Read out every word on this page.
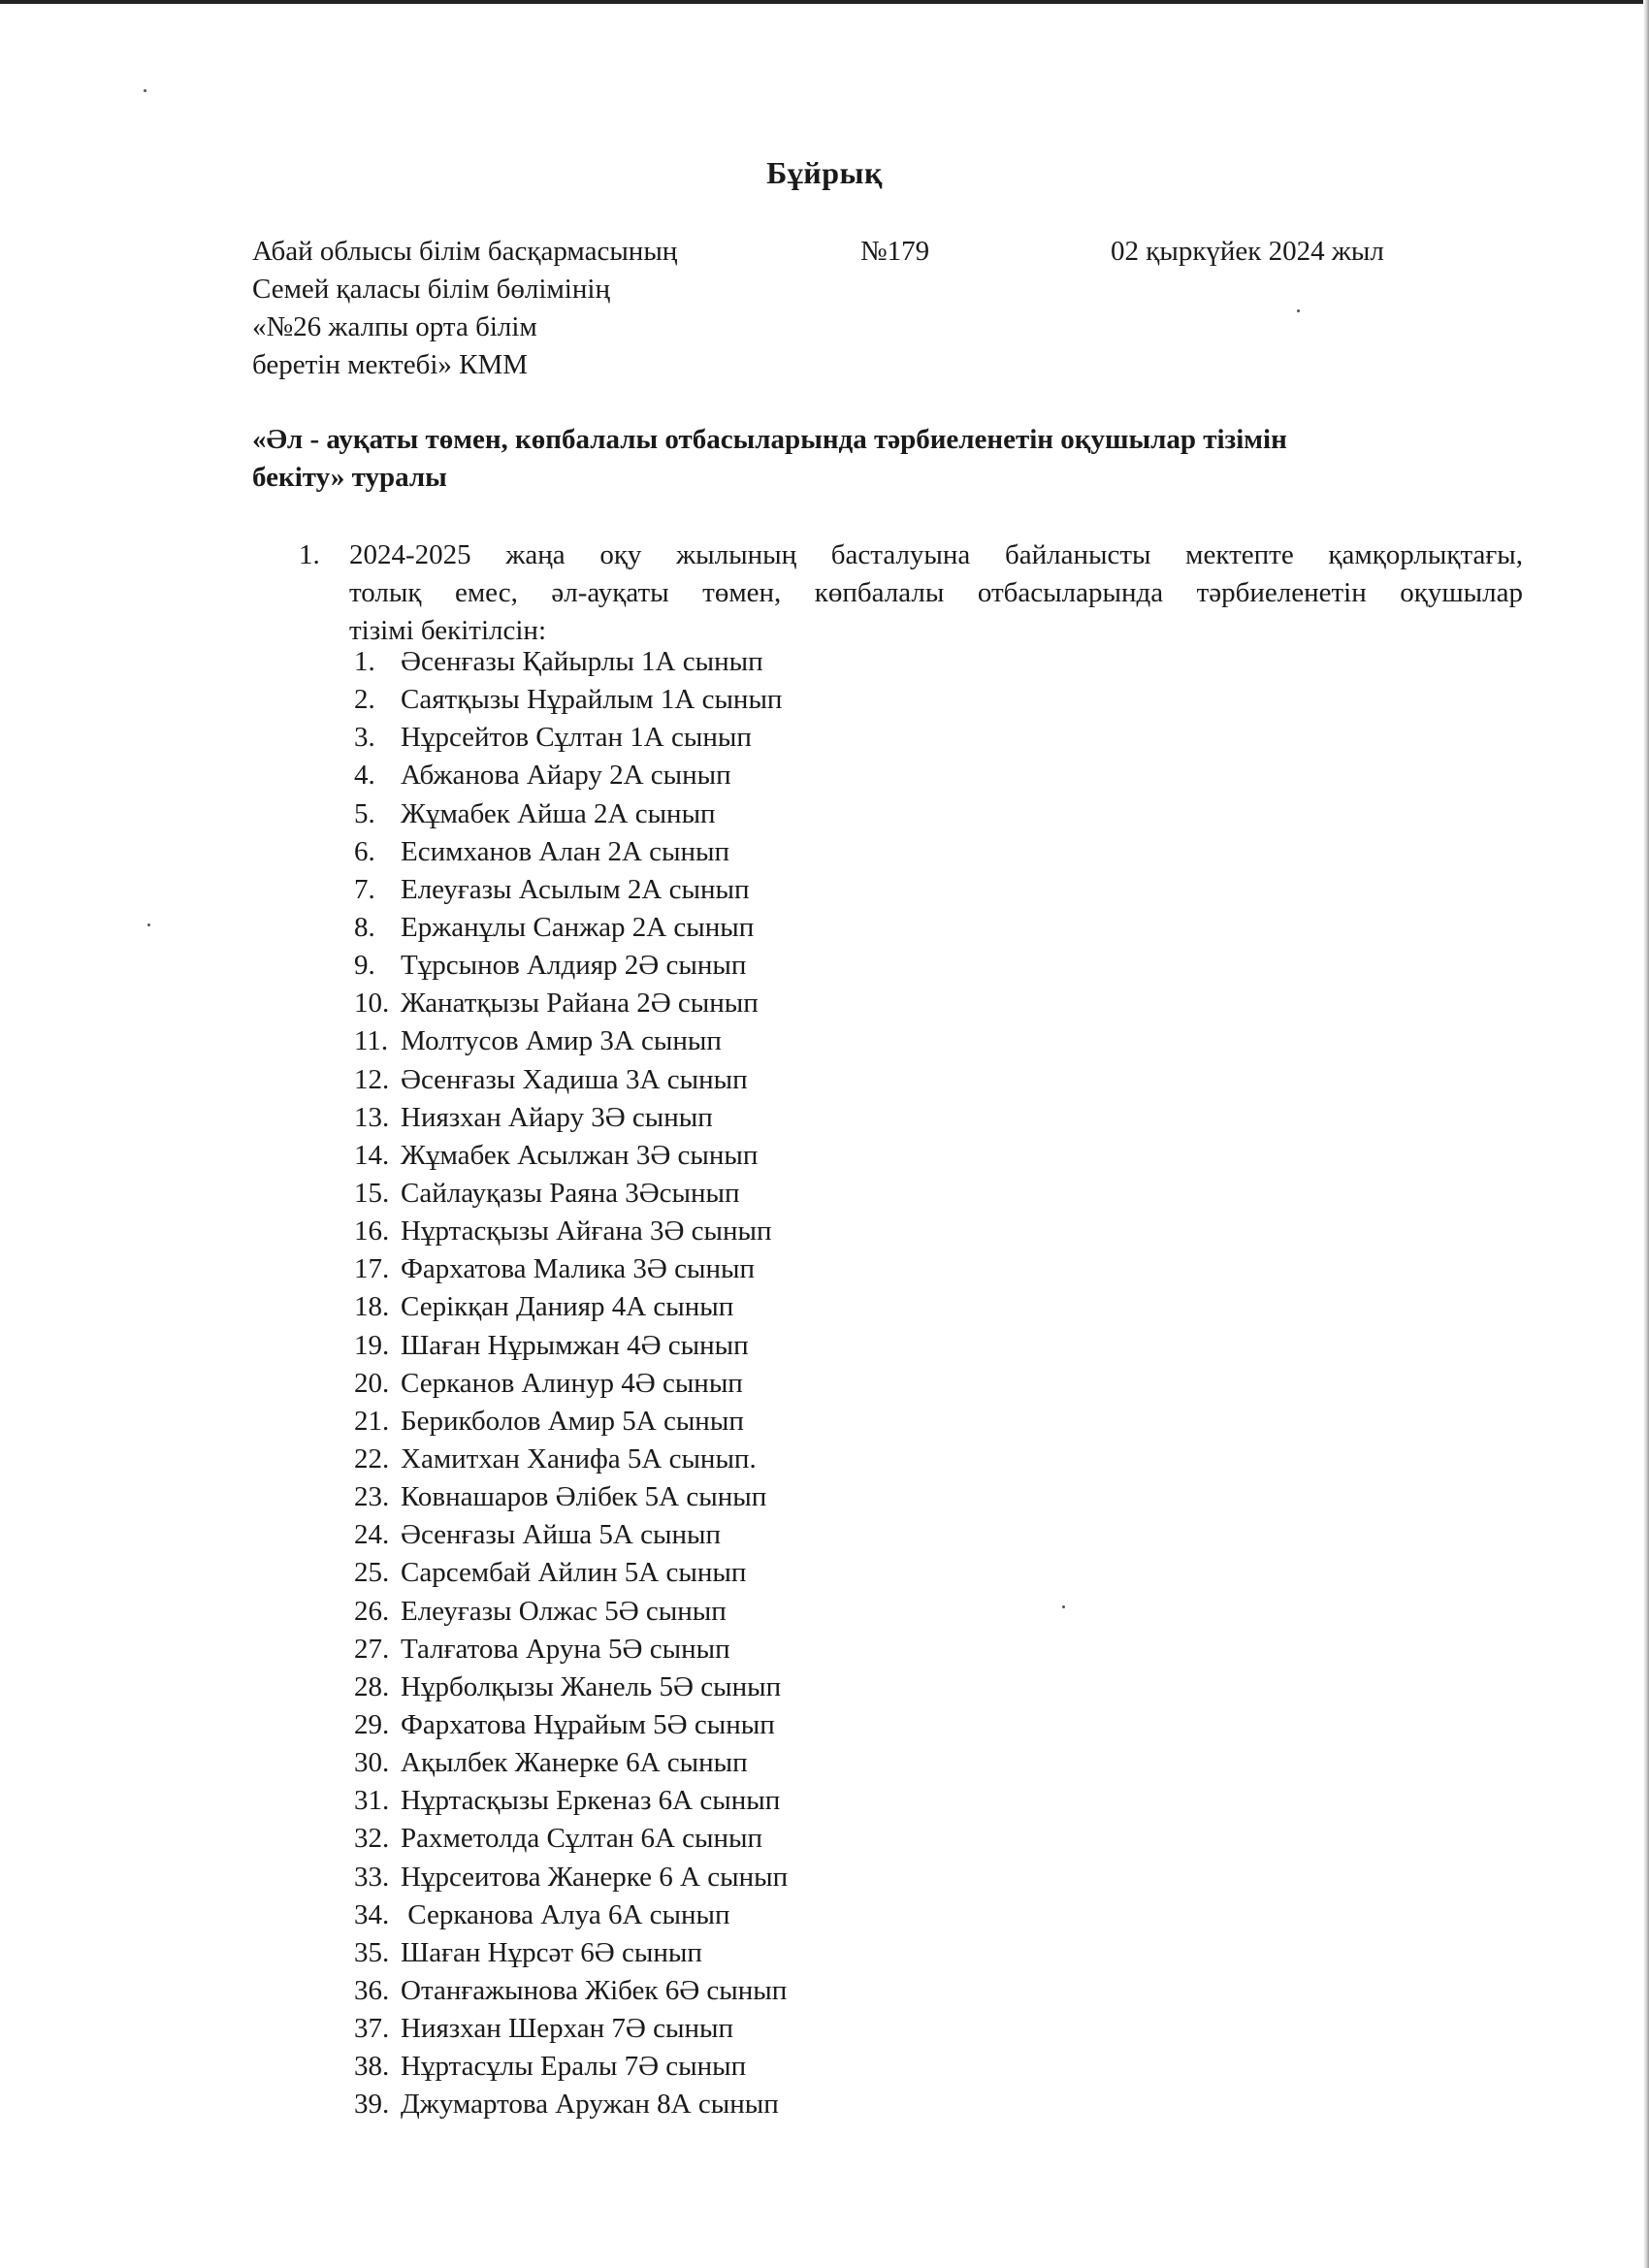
Бұйрық
Абай облысы білім басқармасының
Семей қаласы білім бөлімінің
«№26 жалпы орта білім
беретін мектебі» КММ
№179	02 қыркүйек 2024 жыл
«Әл - ауқаты төмен, көпбалалы отбасыларында тәрбиеленетін оқушылар тізімін
бекіту» туралы
1. 2024-2025 жаңа оқу жылының басталуына байланысты мектепте қамқорлықтағы,
толық емес, әл-ауқаты төмен, көпбалалы отбасыларында тәрбиеленетін оқушылар
тізімі бекітілсін:
1. Әсенғазы Қайырлы 1А сынып
2. Саятқызы Нұрайлым 1А сынып
3. Нұрсейтов Сұлтан 1А сынып
4. Абжанова Айару 2А сынып
5. Жұмабек Айша 2А сынып
6. Есимханов Алан 2А сынып
7. Елеуғазы Асылым 2А сынып
8. Ержанұлы Санжар 2А сынып
9. Тұрсынов Алдияр 2Ә сынып
10. Жанатқызы Райана 2Ә сынып
11. Молтусов Амир 3А сынып
12. Әсенғазы Хадиша 3А сынып
13. Ниязхан Айару 3Ә сынып
14. Жұмабек Асылжан 3Ә сынып
15. Сайлауқазы Раяна 3Әсынып
16. Нұртасқызы Айғана 3Ә сынып
17. Фархатова Малика 3Ә сынып
18. Серікқан Данияр 4А сынып
19. Шаған Нұрымжан 4Ә сынып
20. Серканов Алинур 4Ә сынып
21. Берикболов Амир 5А сынып
22. Хамитхан Ханифа 5А сынып.
23. Ковнашаров Әлібек 5А сынып
24. Әсенғазы Айша 5А сынып
25. Сарсембай Айлин 5А сынып
26. Елеуғазы Олжас 5Ә сынып
27. Талғатова Аруна 5Ә сынып
28. Нұрболқызы Жанель 5Ә сынып
29. Фархатова Нұрайым 5Ә сынып
30. Ақылбек Жанерке 6А сынып
31. Нұртасқызы Еркеназ 6А сынып
32. Рахметолда Сұлтан 6А сынып
33. Нұрсеитова Жанерке 6 А сынып
34. Серканова Алуа 6А сынып
35. Шаған Нұрсәт 6Ә сынып
36. Отанғажынова Жібек 6Ә сынып
37. Ниязхан Шерхан 7Ә сынып
38. Нұртасұлы Ералы 7Ә сынып
39. Джумартова Аружан 8А сынып
